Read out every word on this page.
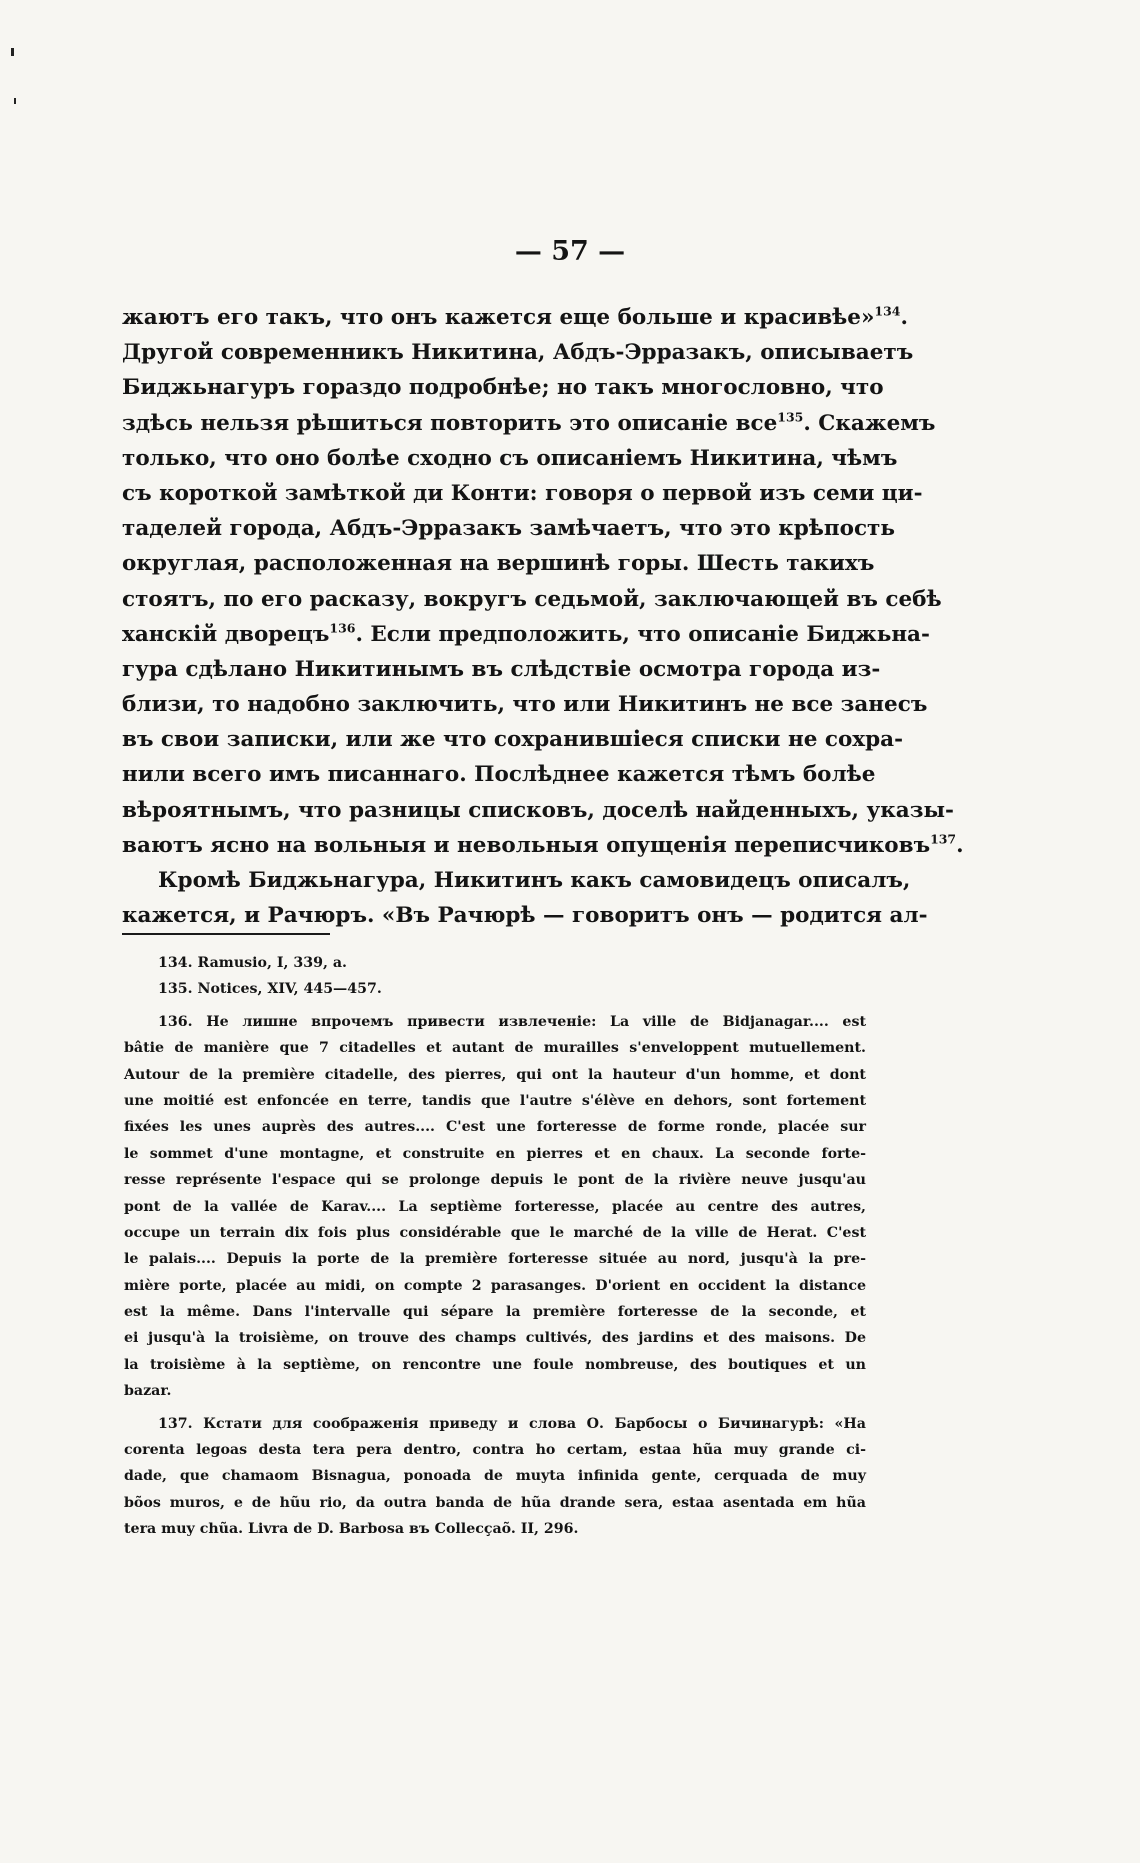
— 57 —
жаютъ его такъ, что онъ кажется еще больше и красивѣе»$^{134}$.
Другой современникъ Никитина, Абдъ-Эрразакъ, описываетъ
Биджьнагуръ гораздо подробнѣе; но такъ многословно, что
здѣсь нельзя рѣшиться повторить это описаніе все$^{135}$. Скажемъ
только, что оно болѣе сходно съ описаніемъ Никитина, чѣмъ
съ короткой замѣткой ди Конти: говоря о первой изъ семи ци-
таделей города, Абдъ-Эрразакъ замѣчаетъ, что это крѣпость
округлая, расположенная на вершинѣ горы. Шесть такихъ
стоятъ, по его расказу, вокругъ седьмой, заключающей въ себѣ
ханскій дворецъ$^{136}$. Если предположить, что описаніе Биджьна-
гура сдѣлано Никитинымъ въ слѣдствіе осмотра города из-
близи, то надобно заключить, что или Никитинъ не все занесъ
въ свои записки, или же что сохранившіеся списки не сохра-
нили всего имъ писаннаго. Послѣднее кажется тѣмъ болѣе
вѣроятнымъ, что разницы списковъ, доселѣ найденныхъ, указы-
ваютъ ясно на вольныя и невольныя опущенія переписчиковъ$^{137}$.
Кромѣ Биджьнагура, Никитинъ какъ самовидецъ описалъ,
кажется, и Рачюръ. «Въ Рачюрѣ — говоритъ онъ — родится ал-
134. Ramusio, I, 339, a.
135. Notices, XIV, 445—457.
136. Не лишне впрочемъ привести извлеченіе: La ville de Bidjanagar.... est
bâtie de manière que 7 citadelles et autant de murailles s'enveloppent mutuellement.
Autour de la première citadelle, des pierres, qui ont la hauteur d'un homme, et dont
une moitié est enfoncée en terre, tandis que l'autre s'élève en dehors, sont fortement
fixées les unes auprès des autres.... C'est une forteresse de forme ronde, placée sur
le sommet d'une montagne, et construite en pierres et en chaux. La seconde forte-
resse représente l'espace qui se prolonge depuis le pont de la rivière neuve jusqu'au
pont de la vallée de Karav.... La septième forteresse, placée au centre des autres,
occupe un terrain dix fois plus considérable que le marché de la ville de Herat. C'est
le palais.... Depuis la porte de la première forteresse située au nord, jusqu'à la pre-
mière porte, placée au midi, on compte 2 parasanges. D'orient en occident la distance
est la même. Dans l'intervalle qui sépare la première forteresse de la seconde, et
ei jusqu'à la troisième, on trouve des champs cultivés, des jardins et des maisons. De
la troisième à la septième, on rencontre une foule nombreuse, des boutiques et un
bazar.
137. Кстати для соображенія приведу и слова О. Барбосы о Бичинагурѣ: «Ha
corenta legoas desta tera pera dentro, contra ho certam, estaa hũa muy grande ci-
dade, que chamaom Bisnagua, ponoada de muyta infinida gente, cerquada de muy
bõos muros, e de hũu rio, da outra banda de hũa drande sera, estaa asentada em hũa
tera muy chũa. Livra de D. Barbosa въ Collecçaõ. II, 296.
